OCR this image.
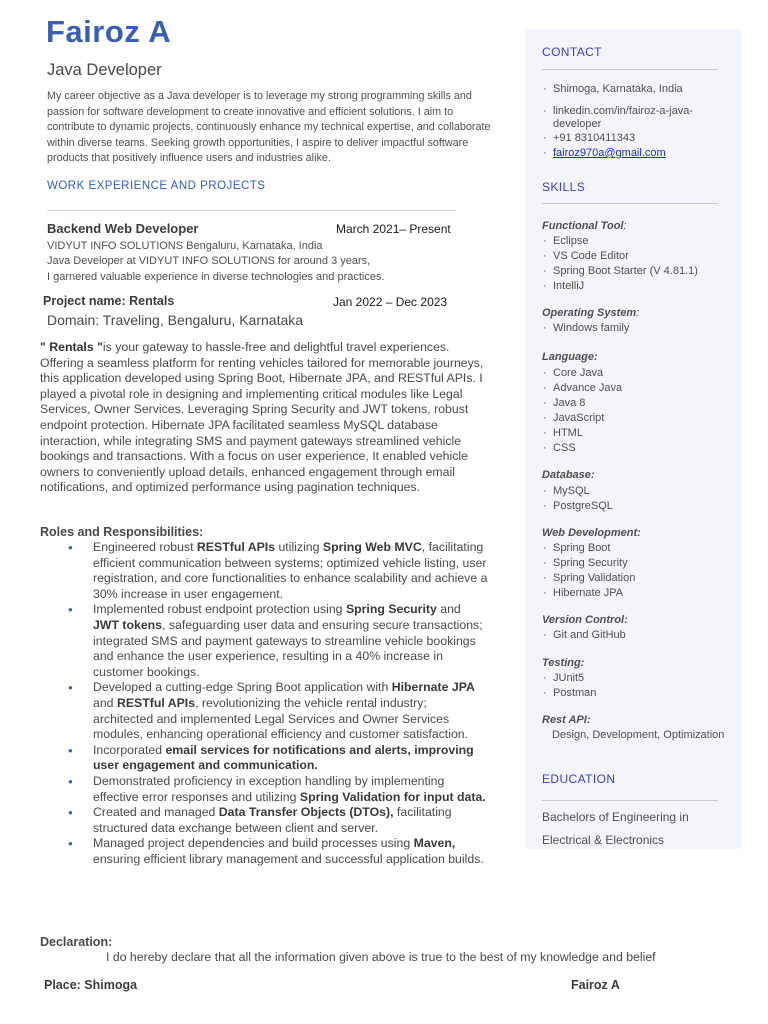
Fairoz A
Java Developer

My career objective as a Java developer is to leverage my strong programming skills and passion for software development to create innovative and efficient solutions. I aim to contribute to dynamic projects, continuously enhance my technical expertise, and collaborate within diverse teams. Seeking growth opportunities, I aspire to deliver impactful software products that positively influence users and industries alike.

WORK EXPERIENCE AND PROJECTS
Backend Web Developer	March 2021– Present
VIDYUT INFO SOLUTIONS Bengaluru, Karnataka, India
Java Developer at VIDYUT INFO SOLUTIONS for around 3 years,
I garnered valuable experience in diverse technologies and practices.
Project name: Rentals	Jan 2022 – Dec 2023
Domain: Traveling, Bengaluru, Karnataka

" Rentals "is your gateway to hassle-free and delightful travel experiences. Offering a seamless platform for renting vehicles tailored for memorable journeys, this application developed using Spring Boot, Hibernate JPA, and RESTful APIs. I played a pivotal role in designing and implementing critical modules like Legal Services, Owner Services. Leveraging Spring Security and JWT tokens, robust endpoint protection. Hibernate JPA facilitated seamless MySQL database interaction, while integrating SMS and payment gateways streamlined vehicle bookings and transactions. With a focus on user experience, It enabled vehicle owners to conveniently upload details, enhanced engagement through email notifications, and optimized performance using pagination techniques.

Roles and Responsibilities:
● Engineered robust RESTful APIs utilizing Spring Web MVC, facilitating efficient communication between systems; optimized vehicle listing, user registration, and core functionalities to enhance scalability and achieve a 30% increase in user engagement.
● Implemented robust endpoint protection using Spring Security and JWT tokens, safeguarding user data and ensuring secure transactions; integrated SMS and payment gateways to streamline vehicle bookings and enhance the user experience, resulting in a 40% increase in customer bookings.
● Developed a cutting-edge Spring Boot application with Hibernate JPA and RESTful APIs, revolutionizing the vehicle rental industry; architected and implemented Legal Services and Owner Services modules, enhancing operational efficiency and customer satisfaction.
● Incorporated email services for notifications and alerts, improving user engagement and communication.
● Demonstrated proficiency in exception handling by implementing effective error responses and utilizing Spring Validation for input data.
● Created and managed Data Transfer Objects (DTOs), facilitating structured data exchange between client and server.
● Managed project dependencies and build processes using Maven, ensuring efficient library management and successful application builds.
Declaration:
I do hereby declare that all the information given above is true to the best of my knowledge and belief
Place: Shimoga	Fairoz A
CONTACT
· Shimoga, Karnataka, India
· linkedin.com/in/fairoz-a-java-
developer
· +91 8310411343
· fairoz970a@gmail.com
SKILLS
Functional Tool:
· Eclipse
· VS Code Editor
· Spring Boot Starter (V 4.81.1)
· IntelliJ
Operating System:
· Windows family
Language:
· Core Java
· Advance Java
· Java 8
· JavaScript
· HTML
· CSS
Database:
· MySQL
· PostgreSQL
Web Development:
· Spring Boot
· Spring Security
· Spring Validation
· Hibernate JPA
Version Control:
· Git and GitHub
Testing:
· JUnit5
· Postman
Rest API:
Design, Development, Optimization
EDUCATION
Bachelors of Engineering in
Electrical & Electronics
